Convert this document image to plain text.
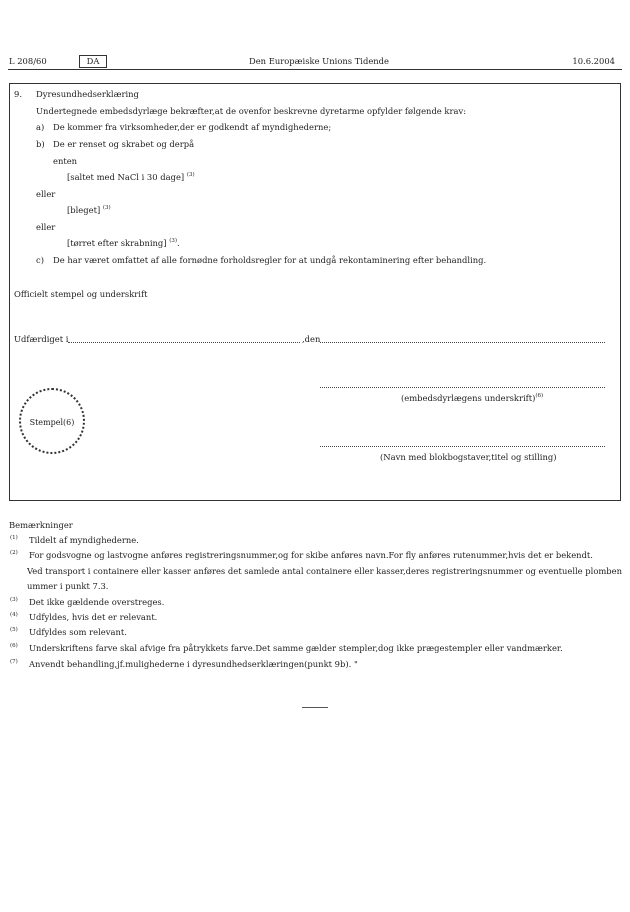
L 208/60	DA	Den Europæiske Unions Tidende	10.6.2004
9. Dyresundhedserklæring
Undertegnede embedsdyrlæge bekræfter,at de ovenfor beskrevne dyretarme opfylder følgende krav:
a) De kommer fra virksomheder,der er godkendt af myndighederne;
b) De er renset og skrabet og derpå
enten
[saltet med NaCl i 30 dage] $^{(3)}$
eller
[bleget] $^{(3)}$
eller
[tørret efter skrabning] $^{(3)}$.
c) De har været omfattet af alle fornødne forholdsregler for at undgå rekontaminering efter behandling.
Officielt stempel og underskrift
Udfærdiget i	,den
(embedsdyrlægens underskrift)$^{(6)}$
Stempel(6)
(Navn med blokbogstaver,titel og stilling)
Bemærkninger
$^{(1)}$ Tildelt af myndighederne.
$^{(2)}$ For godsvogne og lastvogne anføres registreringsnummer,og for skibe anføres navn.For fly anføres rutenummer,hvis det er bekendt.
Ved transport i containere eller kasser anføres det samlede antal containere eller kasser,deres registreringsnummer og eventuelle plomben
ummer i punkt 7.3.
$^{(3)}$ Det ikke gældende overstreges.
$^{(4)}$ Udfyldes, hvis det er relevant.
$^{(5)}$ Udfyldes som relevant.
$^{(6)}$ Underskriftens farve skal afvige fra påtrykkets farve.Det samme gælder stempler,dog ikke prægestempler eller vandmærker.
$^{(7)}$ Anvendt behandling,jf.mulighederne i dyresundhedserklæringen(punkt 9b). "
